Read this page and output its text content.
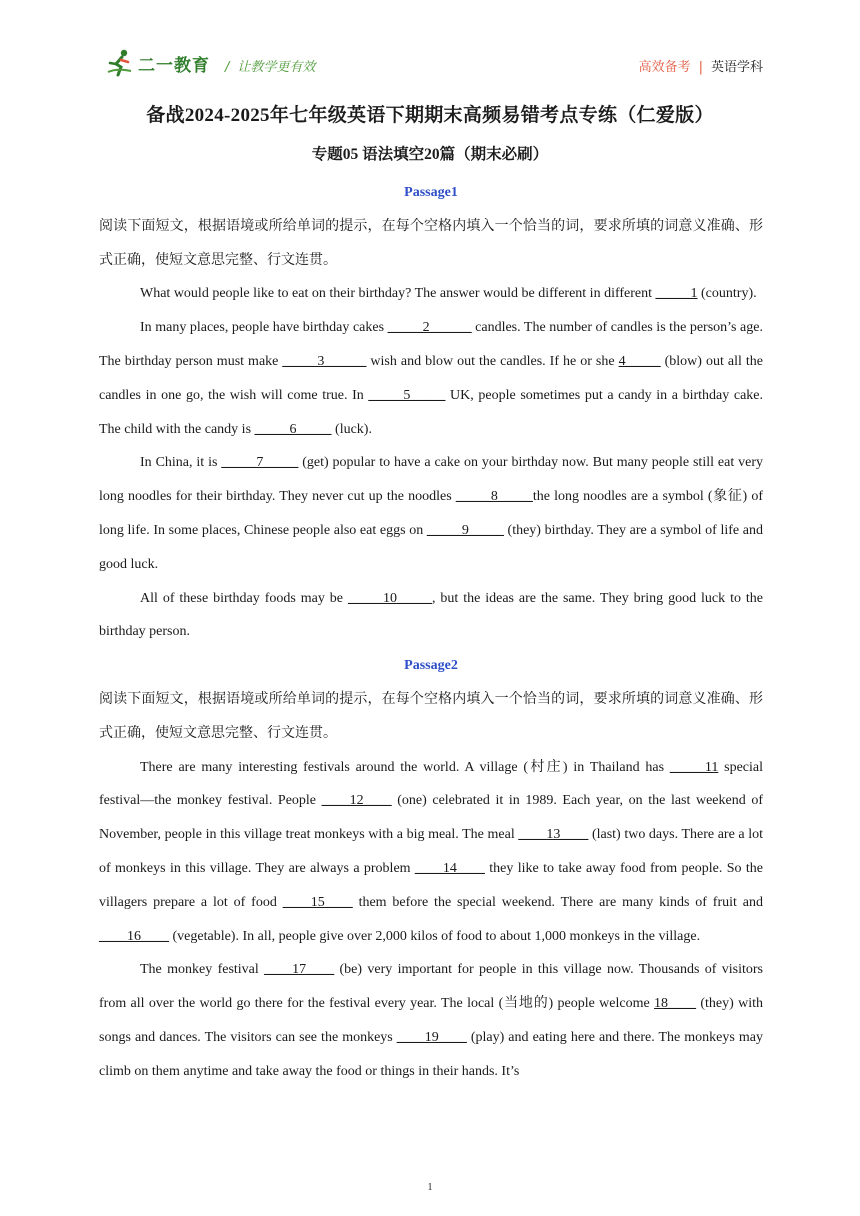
二一教育 / 让教学更有效	高效备考 | 英语学科
备战2024-2025年七年级英语下期期末高频易错考点专练（仁爱版）
专题05 语法填空20篇（期末必刷）
Passage1

阅读下面短文，根据语境或所给单词的提示，在每个空格内填入一个恰当的词，要求所填的词意义准确、形式正确，使短文意思完整、行文连贯。

What would people like to eat on their birthday? The answer would be different in different _____1 (country).

In many places, people have birthday cakes _____2______ candles. The number of candles is the person’s age. The birthday person must make _____3______ wish and blow out the candles. If he or she 4_____ (blow) out all the candles in one go, the wish will come true. In _____5_____ UK, people sometimes put a candy in a birthday cake. The child with the candy is _____6_____ (luck).

In China, it is _____7_____ (get) popular to have a cake on your birthday now. But many people still eat very long noodles for their birthday. They never cut up the noodles _____8_____the long noodles are a symbol (象征) of long life. In some places, Chinese people also eat eggs on _____9_____ (they) birthday. They are a symbol of life and good luck.

All of these birthday foods may be _____10_____, but the ideas are the same. They bring good luck to the birthday person.

Passage2

阅读下面短文，根据语境或所给单词的提示，在每个空格内填入一个恰当的词，要求所填的词意义准确、形式正确，使短文意思完整、行文连贯。

There are many interesting festivals around the world. A village (村庄) in Thailand has _____11 special festival—the monkey festival. People ____12____ (one) celebrated it in 1989. Each year, on the last weekend of November, people in this village treat monkeys with a big meal. The meal ____13____ (last) two days. There are a lot of monkeys in this village. They are always a problem ____14____ they like to take away food from people. So the villagers prepare a lot of food ____15____ them before the special weekend. There are many kinds of fruit and ____16____ (vegetable). In all, people give over 2,000 kilos of food to about 1,000 monkeys in the village.

The monkey festival ____17____ (be) very important for people in this village now. Thousands of visitors from all over the world go there for the festival every year. The local (当地的) people welcome 18____ (they) with songs and dances. The visitors can see the monkeys ____19____ (play) and eating here and there. The monkeys may climb on them anytime and take away the food or things in their hands. It’s

1
